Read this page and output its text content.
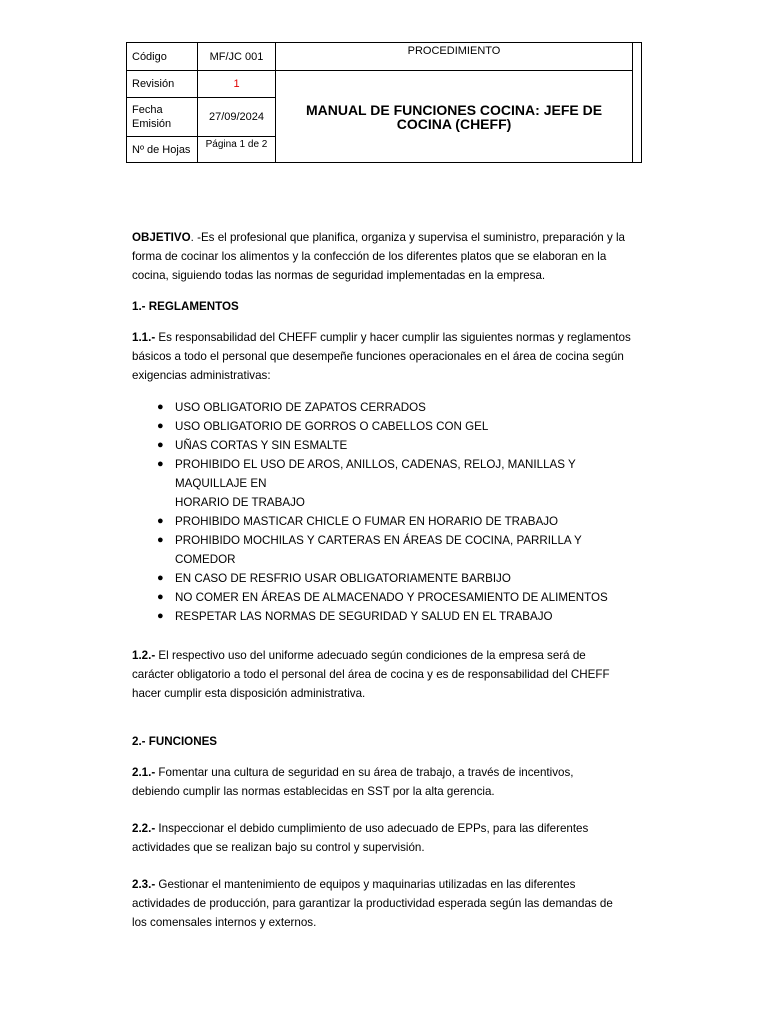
Código	MF/JC 001	PROCEDIMIENTO	
Revisión	1	MANUAL DE FUNCIONES COCINA: JEFE DE
COCINA (CHEFF)	

Fecha
Emisión	27/09/2024		
Nº de Hojas	Página 1 de 2		

OBJETIVO. -Es el profesional que planifica, organiza y supervisa el suministro, preparación y la
forma de cocinar los alimentos y la confección de los diferentes platos que se elaboran en la
cocina, siguiendo todas las normas de seguridad implementadas en la empresa.

1.- REGLAMENTOS

1.1.- Es responsabilidad del CHEFF cumplir y hacer cumplir las siguientes normas y reglamentos
básicos a todo el personal que desempeñe funciones operacionales en el área de cocina según
exigencias administrativas:

● USO OBLIGATORIO DE ZAPATOS CERRADOS
● USO OBLIGATORIO DE GORROS O CABELLOS CON GEL
● UÑAS CORTAS Y SIN ESMALTE
● PROHIBIDO EL USO DE AROS, ANILLOS, CADENAS, RELOJ, MANILLAS Y MAQUILLAJE EN
HORARIO DE TRABAJO
● PROHIBIDO MASTICAR CHICLE O FUMAR EN HORARIO DE TRABAJO
● PROHIBIDO MOCHILAS Y CARTERAS EN ÁREAS DE COCINA, PARRILLA Y COMEDOR
● EN CASO DE RESFRIO USAR OBLIGATORIAMENTE BARBIJO
● NO COMER EN ÁREAS DE ALMACENADO Y PROCESAMIENTO DE ALIMENTOS
● RESPETAR LAS NORMAS DE SEGURIDAD Y SALUD EN EL TRABAJO

1.2.- El respectivo uso del uniforme adecuado según condiciones de la empresa será de
carácter obligatorio a todo el personal del área de cocina y es de responsabilidad del CHEFF
hacer cumplir esta disposición administrativa.

2.- FUNCIONES

2.1.- Fomentar una cultura de seguridad en su área de trabajo, a través de incentivos,
debiendo cumplir las normas establecidas en SST por la alta gerencia.

2.2.- Inspeccionar el debido cumplimiento de uso adecuado de EPPs, para las diferentes
actividades que se realizan bajo su control y supervisión.

2.3.- Gestionar el mantenimiento de equipos y maquinarias utilizadas en las diferentes
actividades de producción, para garantizar la productividad esperada según las demandas de
los comensales internos y externos.
